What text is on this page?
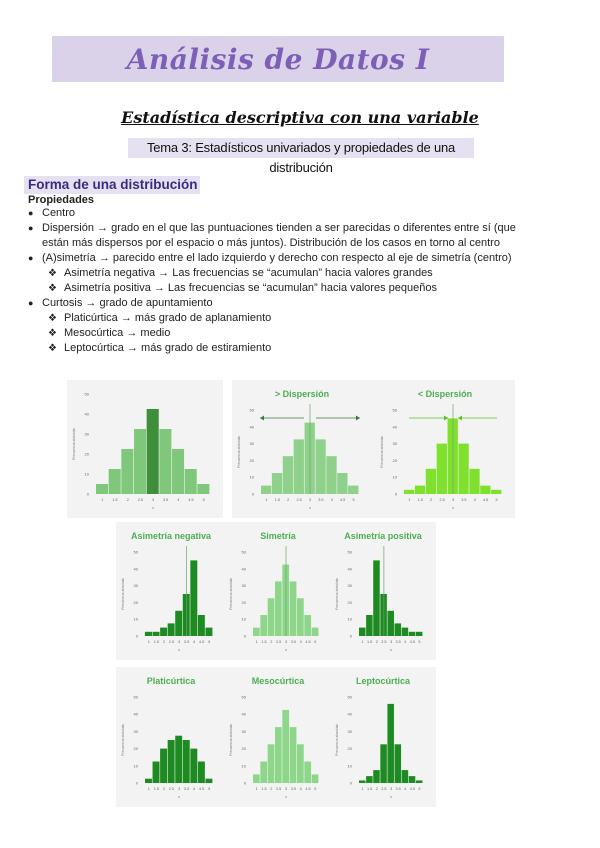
Análisis de Datos I
Estadística descriptiva con una variable
Tema 3: Estadísticos univariados y propiedades de una distribución
Forma de una distribución
Propiedades
● Centro
● Dispersión → grado en el que las puntuaciones tienden a ser parecidas o diferentes entre sí (que
están más dispersos por el espacio o más juntos). Distribución de los casos en torno al centro
● (A)simetría → parecido entre el lado izquierdo y derecho con respecto al eje de simetría (centro)
❖ Asimetría negativa → Las frecuencias se “acumulan” hacia valores grandes
❖ Asimetría positiva → Las frecuencias se “acumulan” hacia valores pequeños
● Curtosis → grado de apuntamiento
❖ Platicúrtica → más grado de aplanamiento
❖ Mesocúrtica → medio
❖ Leptocúrtica → más grado de estiramiento
Frecuencia absoluta
0
10
20
30
40
50
1 1.5 2 2.5 3 3.5 4 4.5 5
x
> Dispersión
Frecuencia absoluta
0
10
20
30
40
50
1 1.5 2 2.5 3 3.5 4 4.5 5
x
< Dispersión
Frecuencia absoluta
0
10
20
30
40
50
1 1.5 2 2.5 3 3.5 4 4.5 5
x
Asimetría negativa
Frecuencia absoluta
0
10
20
30
40
50
1 1.5 2 2.5 3 3.5 4 4.5 5
x
Simetría
Frecuencia absoluta
0
10
20
30
40
50
1 1.5 2 2.5 3 3.5 4 4.5 5
x
Asimetría positiva
Frecuencia absoluta
0
10
20
30
40
50
1 1.5 2 2.5 3 3.5 4 4.5 5
x
Platicúrtica
Frecuencia absoluta
0
10
20
30
40
50
1 1.5 2 2.5 3 3.5 4 4.5 5
x
Mesocúrtica
Frecuencia absoluta
0
10
20
30
40
50
1 1.5 2 2.5 3 3.5 4 4.5 5
x
Leptocúrtica
Frecuencia absoluta
0
10
20
30
40
50
1 1.5 2 2.5 3 3.5 4 4.5 5
x
